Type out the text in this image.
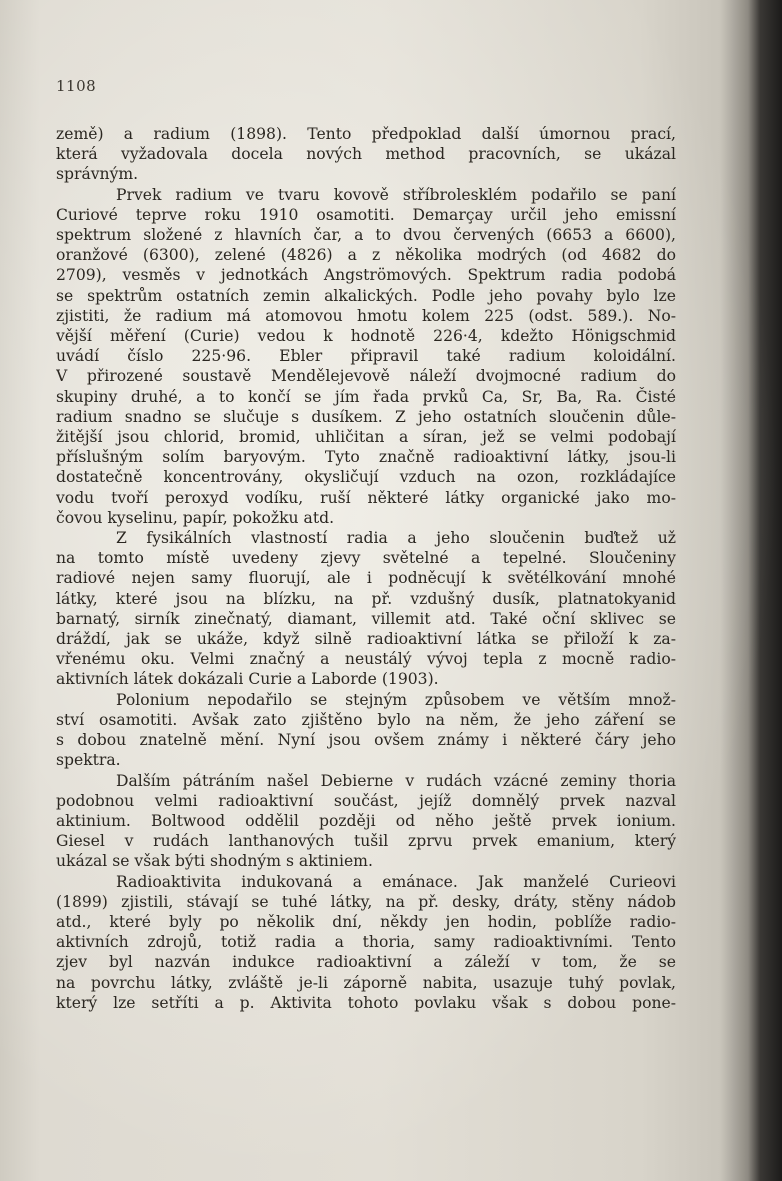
1108
země) a radium (1898). Tento předpoklad další úmornou prací,
která vyžadovala docela nových method pracovních, se ukázal
správným.
Prvek radium ve tvaru kovově stříbrolesklém podařilo se paní
Curiové teprve roku 1910 osamotiti. Demarçay určil jeho emissní
spektrum složené z hlavních čar, a to dvou červených (6653 a 6600),
oranžové (6300), zelené (4826) a z několika modrých (od 4682 do
2709), vesměs v jednotkách Angströmových. Spektrum radia podobá
se spektrům ostatních zemin alkalických. Podle jeho povahy bylo lze
zjistiti, že radium má atomovou hmotu kolem 225 (odst. 589.). No-
vější měření (Curie) vedou k hodnotě 226·4, kdežto Hönigschmid
uvádí číslo 225·96. Ebler připravil také radium koloidální.
V přirozené soustavě Mendělejevově náleží dvojmocné radium do
skupiny druhé, a to končí se jím řada prvků Ca, Sr, Ba, Ra. Čisté
radium snadno se slučuje s dusíkem. Z jeho ostatních sloučenin důle-
žitější jsou chlorid, bromid, uhličitan a síran, jež se velmi podobají
příslušným solím baryovým. Tyto značně radioaktivní látky, jsou-li
dostatečně koncentrovány, okysličují vzduch na ozon, rozkládajíce
vodu tvoří peroxyd vodíku, ruší některé látky organické jako mo-
čovou kyselinu, papír, pokožku atd.
Z fysikálních vlastností radia a jeho sloučenin buďtež už
na tomto místě uvedeny zjevy světelné a tepelné. Sloučeniny
radiové nejen samy fluorují, ale i podněcují k světélkování mnohé
látky, které jsou na blízku, na př. vzdušný dusík, platnatokyanid
barnatý, sirník zinečnatý, diamant, villemit atd. Také oční sklivec se
dráždí, jak se ukáže, když silně radioaktivní látka se přiloží k za-
vřenému oku. Velmi značný a neustálý vývoj tepla z mocně radio-
aktivních látek dokázali Curie a Laborde (1903).
Polonium nepodařilo se stejným způsobem ve větším množ-
ství osamotiti. Avšak zato zjištěno bylo na něm, že jeho záření se
s dobou znatelně mění. Nyní jsou ovšem známy i některé čáry jeho
spektra.
Dalším pátráním našel Debierne v rudách vzácné zeminy thoria
podobnou velmi radioaktivní součást, jejíž domnělý prvek nazval
aktinium. Boltwood oddělil později od něho ještě prvek ionium.
Giesel v rudách lanthanových tušil zprvu prvek emanium, který
ukázal se však býti shodným s aktiniem.
Radioaktivita indukovaná a emánace. Jak manželé Curieovi
(1899) zjistili, stávají se tuhé látky, na př. desky, dráty, stěny nádob
atd., které byly po několik dní, někdy jen hodin, poblíže radio-
aktivních zdrojů, totiž radia a thoria, samy radioaktivními. Tento
zjev byl nazván indukce radioaktivní a záleží v tom, že se
na povrchu látky, zvláště je-li záporně nabita, usazuje tuhý povlak,
který lze setříti a p. Aktivita tohoto povlaku však s dobou pone-
